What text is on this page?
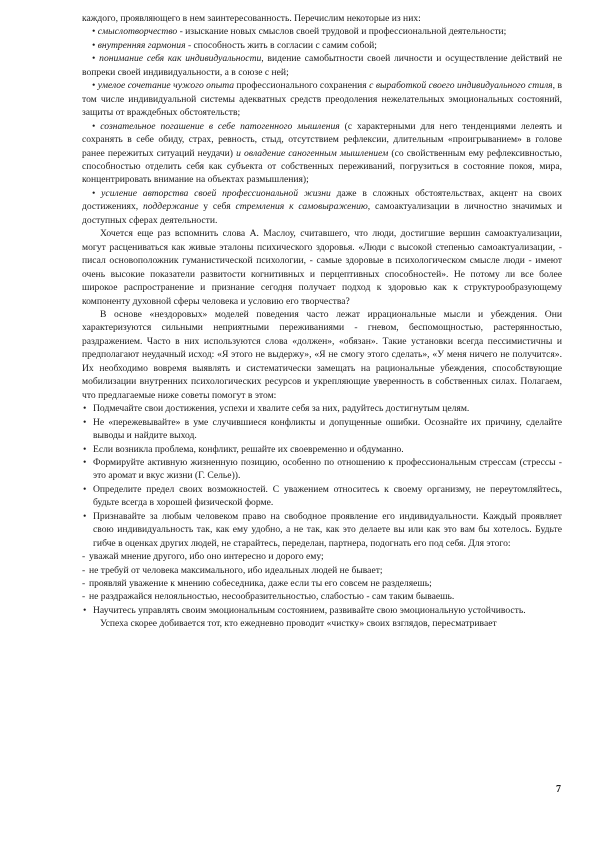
каждого, проявляющего в нем заинтересованность. Перечислим некоторые из них:

• смыслотворчество - изыскание новых смыслов своей трудовой и профессиональной деятельности;

• внутренняя гармония - способность жить в согласии с самим собой;

• понимание себя как индивидуальности, видение самобытности своей личности и осуществление действий не вопреки своей индивидуальности, а в союзе с ней;

• умелое сочетание чужого опыта профессионального сохранения с выработкой своего индивидуального стиля, в том числе индивидуальной системы адекватных средств преодоления нежелательных эмоциональных состояний, защиты от враждебных обстоятельств;

• сознательное погашение в себе патогенного мышления (с характерными для него тенденциями лелеять и сохранять в себе обиду, страх, ревность, стыд, отсутствием рефлексии, длительным «проигрыванием» в голове ранее пережитых ситуаций неудачи) и овладение саногенным мышлением (со свойственным ему рефлексивностью, способностью отделить себя как субъекта от собственных переживаний, погрузиться в состояние покоя, мира, концентрировать внимание на объектах размышления);

• усиление авторства своей профессиональной жизни даже в сложных обстоятельствах, акцент на своих достижениях, поддержание у себя стремления к самовыражению, самоактуализации в личностно значимых и доступных сферах деятельности.

Хочется еще раз вспомнить слова А. Маслоу, считавшего, что люди, достигшие вершин самоактуализации, могут расцениваться как живые эталоны психического здоровья. «Люди с высокой степенью самоактуализации, - писал основоположник гуманистической психологии, - самые здоровые в психологическом смысле люди - имеют очень высокие показатели развитости когнитивных и перцептивных способностей». Не потому ли все более широкое распространение и признание сегодня получает подход к здоровью как к структурообразующему компоненту духовной сферы человека и условию его творчества?

В основе «нездоровых» моделей поведения часто лежат иррациональные мысли и убеждения. Они характеризуются сильными неприятными переживаниями - гневом, беспомощностью, растерянностью, раздражением. Часто в них используются слова «должен», «обязан». Такие установки всегда пессимистичны и предполагают неудачный исход: «Я этого не выдержу», «Я не смогу этого сделать», «У меня ничего не получится». Их необходимо вовремя выявлять и систематически замещать на рациональные убеждения, способствующие мобилизации внутренних психологических ресурсов и укрепляющие уверенность в собственных силах. Полагаем, что предлагаемые ниже советы помогут в этом:

• Подмечайте свои достижения, успехи и хвалите себя за них, радуйтесь достигнутым целям.

• Не «пережевывайте» в уме случившиеся конфликты и допущенные ошибки. Осознайте их причину, сделайте выводы и найдите выход.

• Если возникла проблема, конфликт, решайте их своевременно и обдуманно.

• Формируйте активную жизненную позицию, особенно по отношению к профессиональным стрессам (стрессы - это аромат и вкус жизни (Г. Селье)).

• Определите предел своих возможностей. С уважением относитесь к своему организму, не переутомляйтесь, будьте всегда в хорошей физической форме.

• Признавайте за любым человеком право на свободное проявление его индивидуальности. Каждый проявляет свою индивидуальность так, как ему удобно, а не так, как это делаете вы или как это вам бы хотелось. Будьте гибче в оценках других людей, не старайтесь, переделан, партнера, подогнать его под себя. Для этого:

- уважай мнение другого, ибо оно интересно и дорого ему;

- не требуй от человека максимального, ибо идеальных людей не бывает;

- проявляй уважение к мнению собеседника, даже если ты его совсем не разделяешь;

- не раздражайся нелояльностью, несообразительностью, слабостью - сам таким бываешь.

• Научитесь управлять своим эмоциональным состоянием, развивайте свою эмоциональную устойчивость.

Успеха скорее добивается тот, кто ежедневно проводит «чистку» своих взглядов, пересматривает

7
